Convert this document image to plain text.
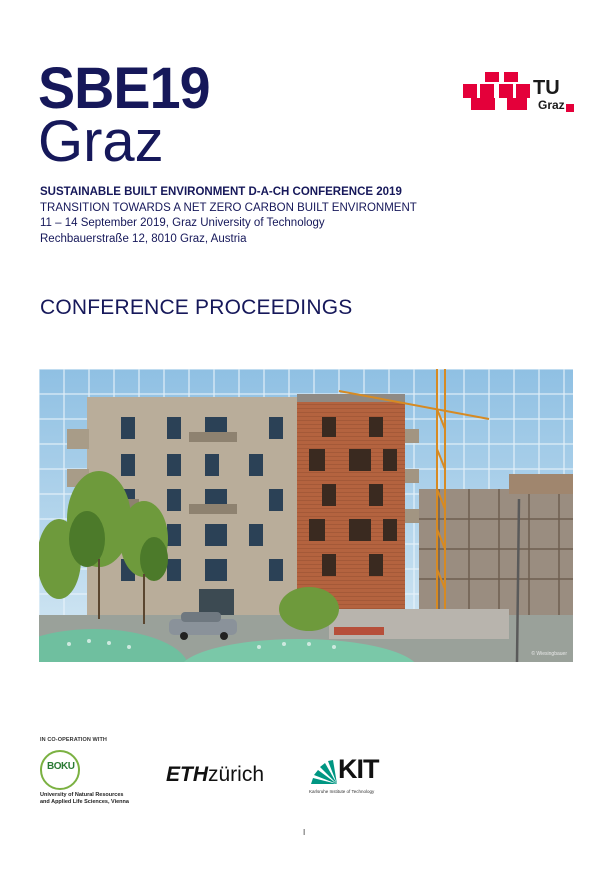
SBE19
Graz
TU
Graz
SUSTAINABLE BUILT ENVIRONMENT D-A-CH CONFERENCE 2019
TRANSITION TOWARDS A NET ZERO CARBON BUILT ENVIRONMENT
11 – 14 September 2019, Graz University of Technology
Rechbauerstraße 12, 8010 Graz, Austria
CONFERENCE PROCEEDINGS
© Wiesingbauer
IN CO-OPERATION WITH
BOKU
University of Natural Resources
and Applied Life Sciences, Vienna
ETHzürich	KIT
Karlsruhe Institute of Technology
I
